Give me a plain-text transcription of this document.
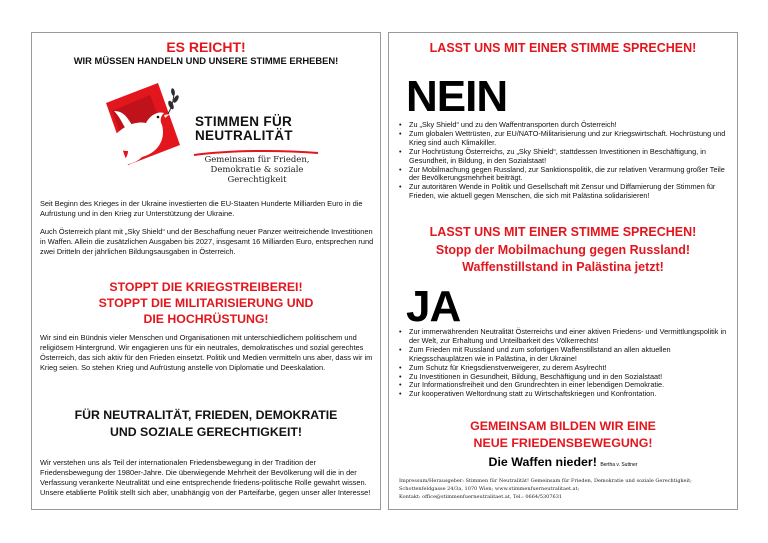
ES REICHT!
WIR MÜSSEN HANDELN UND UNSERE STIMME ERHEBEN!
STIMMEN FÜR
NEUTRALITÄT
Gemeinsam für Frieden,
Demokratie & soziale Gerechtigkeit
Seit Beginn des Krieges in der Ukraine investierten die EU-Staaten Hunderte Milliarden Euro in die Aufrüstung und in den Krieg zur Unterstützung der Ukraine.
Auch Österreich plant mit „Sky Shield“ und der Beschaffung neuer Panzer weitreichende Investitionen in Waffen. Allein die zusätzlichen Ausgaben bis 2027, insgesamt 16 Milliarden Euro, entsprechen rund zwei Dritteln der jährlichen Bildungsausgaben in Österreich.
STOPPT DIE KRIEGSTREIBEREI!
STOPPT DIE MILITARISIERUNG UND
DIE HOCHRÜSTUNG!
Wir sind ein Bündnis vieler Menschen und Organisationen mit unterschiedlichem politischem und religiösem Hintergrund. Wir engagieren uns für ein neutrales, demokratisches und sozial gerechtes Österreich, das sich aktiv für den Frieden einsetzt. Politik und Medien vermitteln uns aber, dass wir im Krieg seien. So stehen Krieg und Aufrüstung anstelle von Diplomatie und Deeskalation.
FÜR NEUTRALITÄT, FRIEDEN, DEMOKRATIE
UND SOZIALE GERECHTIGKEIT!
Wir verstehen uns als Teil der internationalen Friedensbewegung in der Tradition der Friedensbewegung der 1980er-Jahre. Die überwiegende Mehrheit der Bevölkerung will die in der Verfassung verankerte Neutralität und eine entsprechende friedens-politische Rolle gewahrt wissen. Unsere etablierte Politik stellt sich aber, unabhängig von der Parteifarbe, gegen unser aller Interesse!
LASST UNS MIT EINER STIMME SPRECHEN!
NEIN
• Zu „Sky Shield“ und zu den Waffentransporten durch Österreich!
• Zum globalen Wettrüsten, zur EU/NATO-Militarisierung und zur Kriegswirtschaft. Hochrüstung und Krieg sind auch Klimakiller.
• Zur Hochrüstung Österreichs, zu „Sky Shield“, stattdessen Investitionen in Beschäftigung, in Gesundheit, in Bildung, in den Sozialstaat!
• Zur Mobilmachung gegen Russland, zur Sanktionspolitik, die zur relativen Verarmung großer Teile der Bevölkerungsmehrheit beiträgt.
• Zur autoritären Wende in Politik und Gesellschaft mit Zensur und Diffamierung der Stimmen für Frieden, wie aktuell gegen Menschen, die sich mit Palästina solidarisieren!
LASST UNS MIT EINER STIMME SPRECHEN!
Stopp der Mobilmachung gegen Russland!
Waffenstillstand in Palästina jetzt!
JA
• Zur immerwährenden Neutralität Österreichs und einer aktiven Friedens- und Vermittlungspolitik in der Welt, zur Erhaltung und Unteilbarkeit des Völkerrechts!
• Zum Frieden mit Russland und zum sofortigen Waffenstillstand an allen aktuellen Kriegsschauplätzen wie in Palästina, in der Ukraine!
• Zum Schutz für Kriegsdienstverweigerer, zu derem Asylrecht!
• Zu Investitionen in Gesundheit, Bildung, Beschäftigung und in den Sozialstaat!
• Zur Informationsfreiheit und den Grundrechten in einer lebendigen Demokratie.
• Zur kooperativen Weltordnung statt zu Wirtschaftskriegen und Konfrontation.
GEMEINSAM BILDEN WIR EINE
NEUE FRIEDENSBEWEGUNG!
Die Waffen nieder! Bertha v. Suttner
Impressum/Herausgeber: Stimmen für Neutralität! Gemeinsam für Frieden, Demokratie und soziale Gerechtigkeit;
Schottenfeldgasse 24/3a, 1070 Wien; www.stimmenfuerneutralitaet.at;
Kontakt: office@stimmenfuerneutralitaet.at, Tel.: 0664/5307631
